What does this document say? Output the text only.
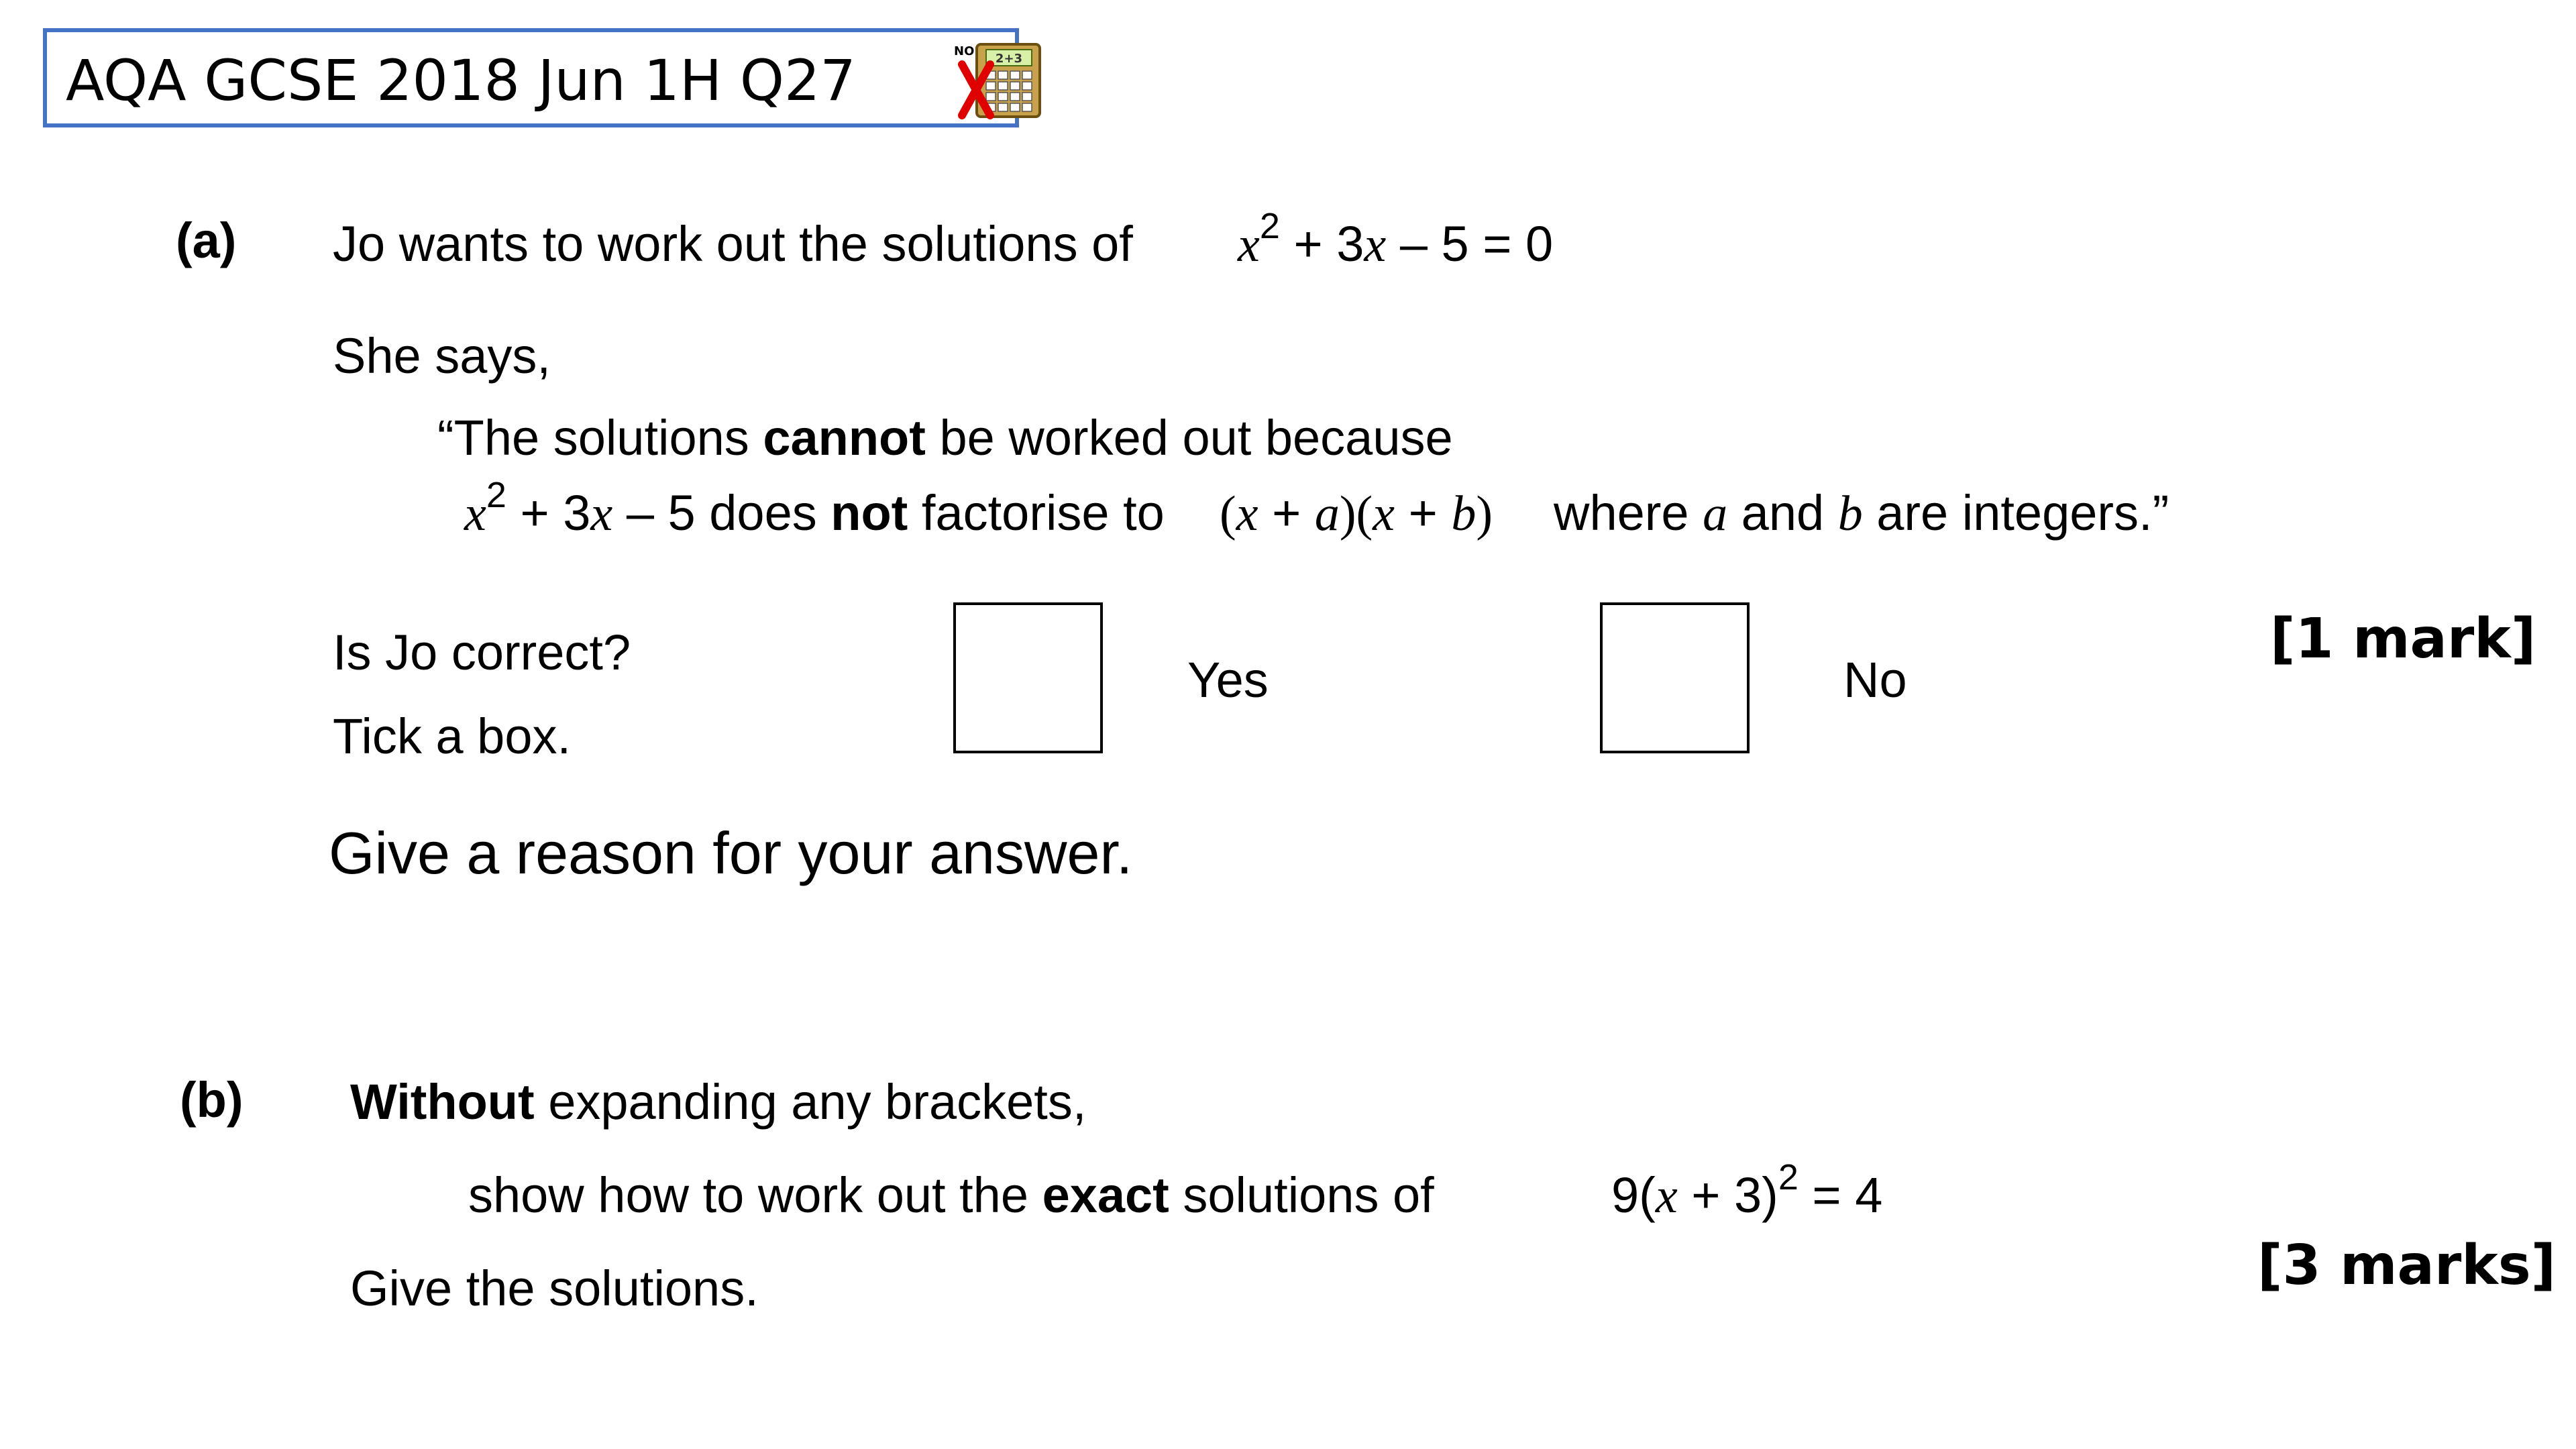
AQA GCSE 2018 Jun 1H Q27	2+3
NO
(a) Jo wants to work out the solutions of $x^2 + 3x - 5 = 0$
She says,
“The solutions cannot be worked out because
$x^2 + 3x - 5$ does not factorise to (x + a)(x + b) where a and b are integers.”
Is Jo correct?
Tick a box.
Yes	No
[1 mark]
Give a reason for your answer.
(b) Without expanding any brackets,
show how to work out the exact solutions of	$9(x + 3)^2 = 4$
Give the solutions.	[3 marks]
